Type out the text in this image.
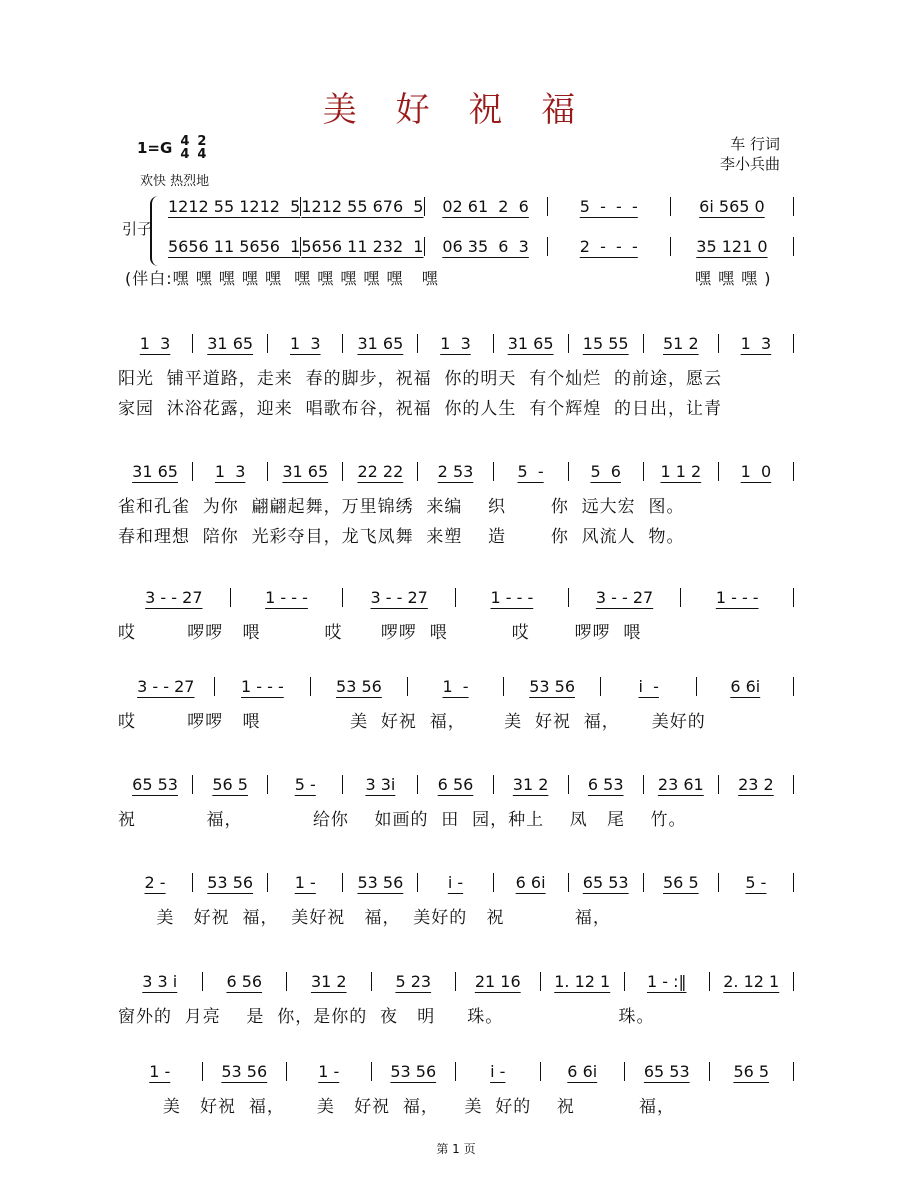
美 好 祝 福
1=G 4
4
2
4
欢快 热烈地
车 行词
李小兵曲
引子
1212 55 1212  5 1212 55 676  5	02 61  2  6	5  -  -  -	6i 565 0
5656 11 5656  1 5656 11 232  1	06 35  6  3	2  -  -  -	35 121 0
(伴白:嘿 嘿 嘿 嘿 嘿  嘿 嘿 嘿 嘿 嘿   嘿	嘿 嘿 嘿 )
1  3	31 65	1  3	31 65	1  3	31 65	15 55	51 2	1  3
阳光  铺平道路，走来  春的脚步，祝福  你的明天  有个灿烂  的前途，愿云
家园  沐浴花露，迎来  唱歌布谷，祝福  你的人生  有个辉煌  的日出，让青
31 65	1  3	31 65	22 22	2 53	5  -	5  6	1 1 2	1  0
雀和孔雀  为你  翩翩起舞，万里锦绣  来编    织       你  远大宏  图。
春和理想  陪你  光彩夺目，龙飞凤舞  来塑    造       你  风流人  物。
3 - - 27	1 - - -	3 - - 27	1 - - -	3 - - 27	1 - - -
哎        啰啰   喂          哎      啰啰  喂          哎       啰啰  喂
3 - - 27	1 - - -	53 56	1  -	53 56	i  -	6 6i
哎        啰啰   喂              美  好祝  福，      美  好祝  福，     美好的
65 53	56 5	5 -	3 3i	6 56	31 2	6 53	23 61	23 2
祝           福，           给你    如画的  田  园，种上    凤   尾    竹。
2 -	53 56	1 -	53 56	i -	6 6i	65 53	56 5	5 -
美   好祝  福，  美好祝   福，  美好的   祝           福，
3 3 i	6 56	31 2	5 23	21 16	1. 12 1	1 - :‖	2. 12 1
窗外的  月亮    是  你，是你的  夜   明     珠。                  珠。
1 -	53 56	1 -	53 56	i -	6 6i	65 53	56 5
美   好祝  福，     美   好祝  福，    美  好的    祝          福，
第 1 页
